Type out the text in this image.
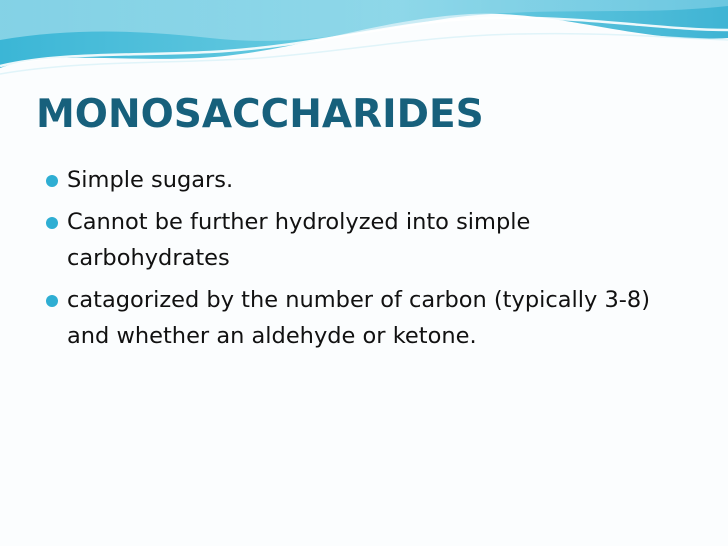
MONOSACCHARIDES
Simple sugars.
Cannot be further hydrolyzed into simple carbohydrates
catagorized by the number of carbon (typically 3-8) and whether an aldehyde or ketone.
